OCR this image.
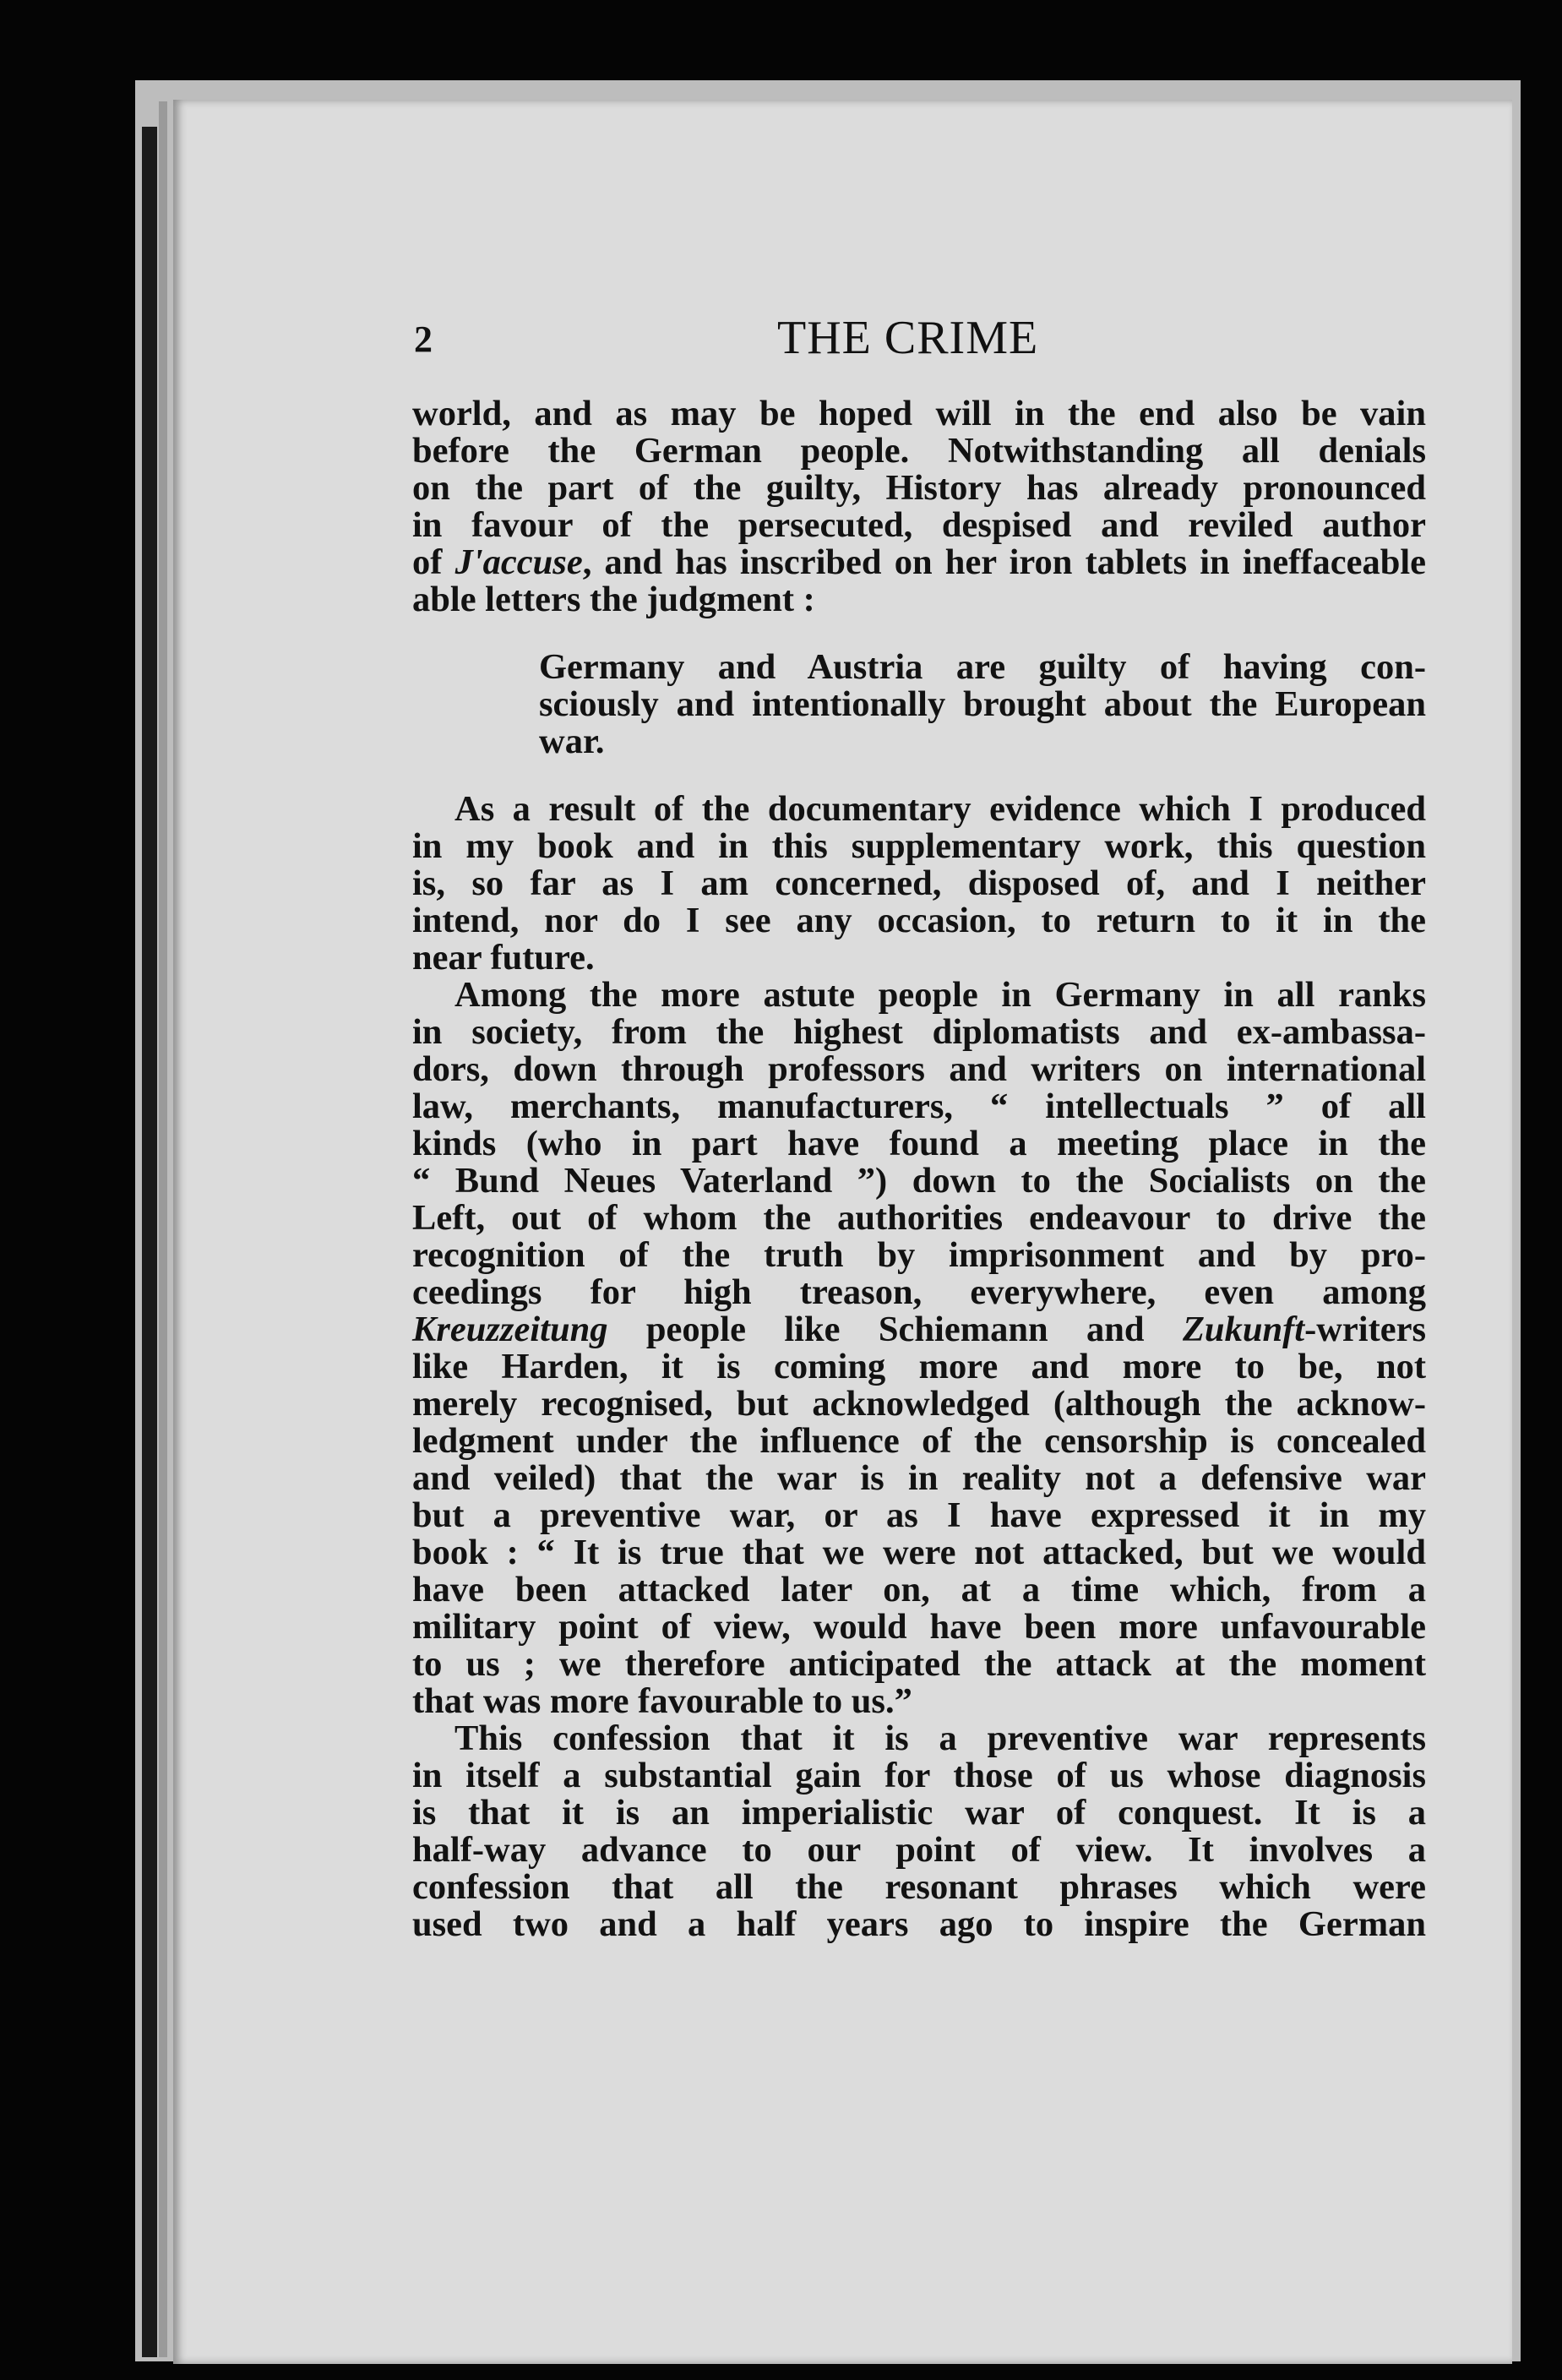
2	THE CRIME
world, and as may be hoped will in the end also be vain
before the German people. Notwithstanding all denials
on the part of the guilty, History has already pronounced
in favour of the persecuted, despised and reviled author
of J'accuse, and has inscribed on her iron tablets in ineffaceable
able letters the judgment :
Germany and Austria are guilty of having con-
sciously and intentionally brought about the European
war.
As a result of the documentary evidence which I produced
in my book and in this supplementary work, this question
is, so far as I am concerned, disposed of, and I neither
intend, nor do I see any occasion, to return to it in the
near future.
Among the more astute people in Germany in all ranks
in society, from the highest diplomatists and ex-ambassa-
dors, down through professors and writers on international
law, merchants, manufacturers, “ intellectuals ” of all
kinds (who in part have found a meeting place in the
“ Bund Neues Vaterland ”) down to the Socialists on the
Left, out of whom the authorities endeavour to drive the
recognition of the truth by imprisonment and by pro-
ceedings for high treason, everywhere, even among
Kreuzzeitung people like Schiemann and Zukunft-writers
like Harden, it is coming more and more to be, not
merely recognised, but acknowledged (although the acknow-
ledgment under the influence of the censorship is concealed
and veiled) that the war is in reality not a defensive war
but a preventive war, or as I have expressed it in my
book : “ It is true that we were not attacked, but we would
have been attacked later on, at a time which, from a
military point of view, would have been more unfavourable
to us ; we therefore anticipated the attack at the moment
that was more favourable to us.”
This confession that it is a preventive war represents
in itself a substantial gain for those of us whose diagnosis
is that it is an imperialistic war of conquest. It is a
half-way advance to our point of view. It involves a
confession that all the resonant phrases which were
used two and a half years ago to inspire the German
